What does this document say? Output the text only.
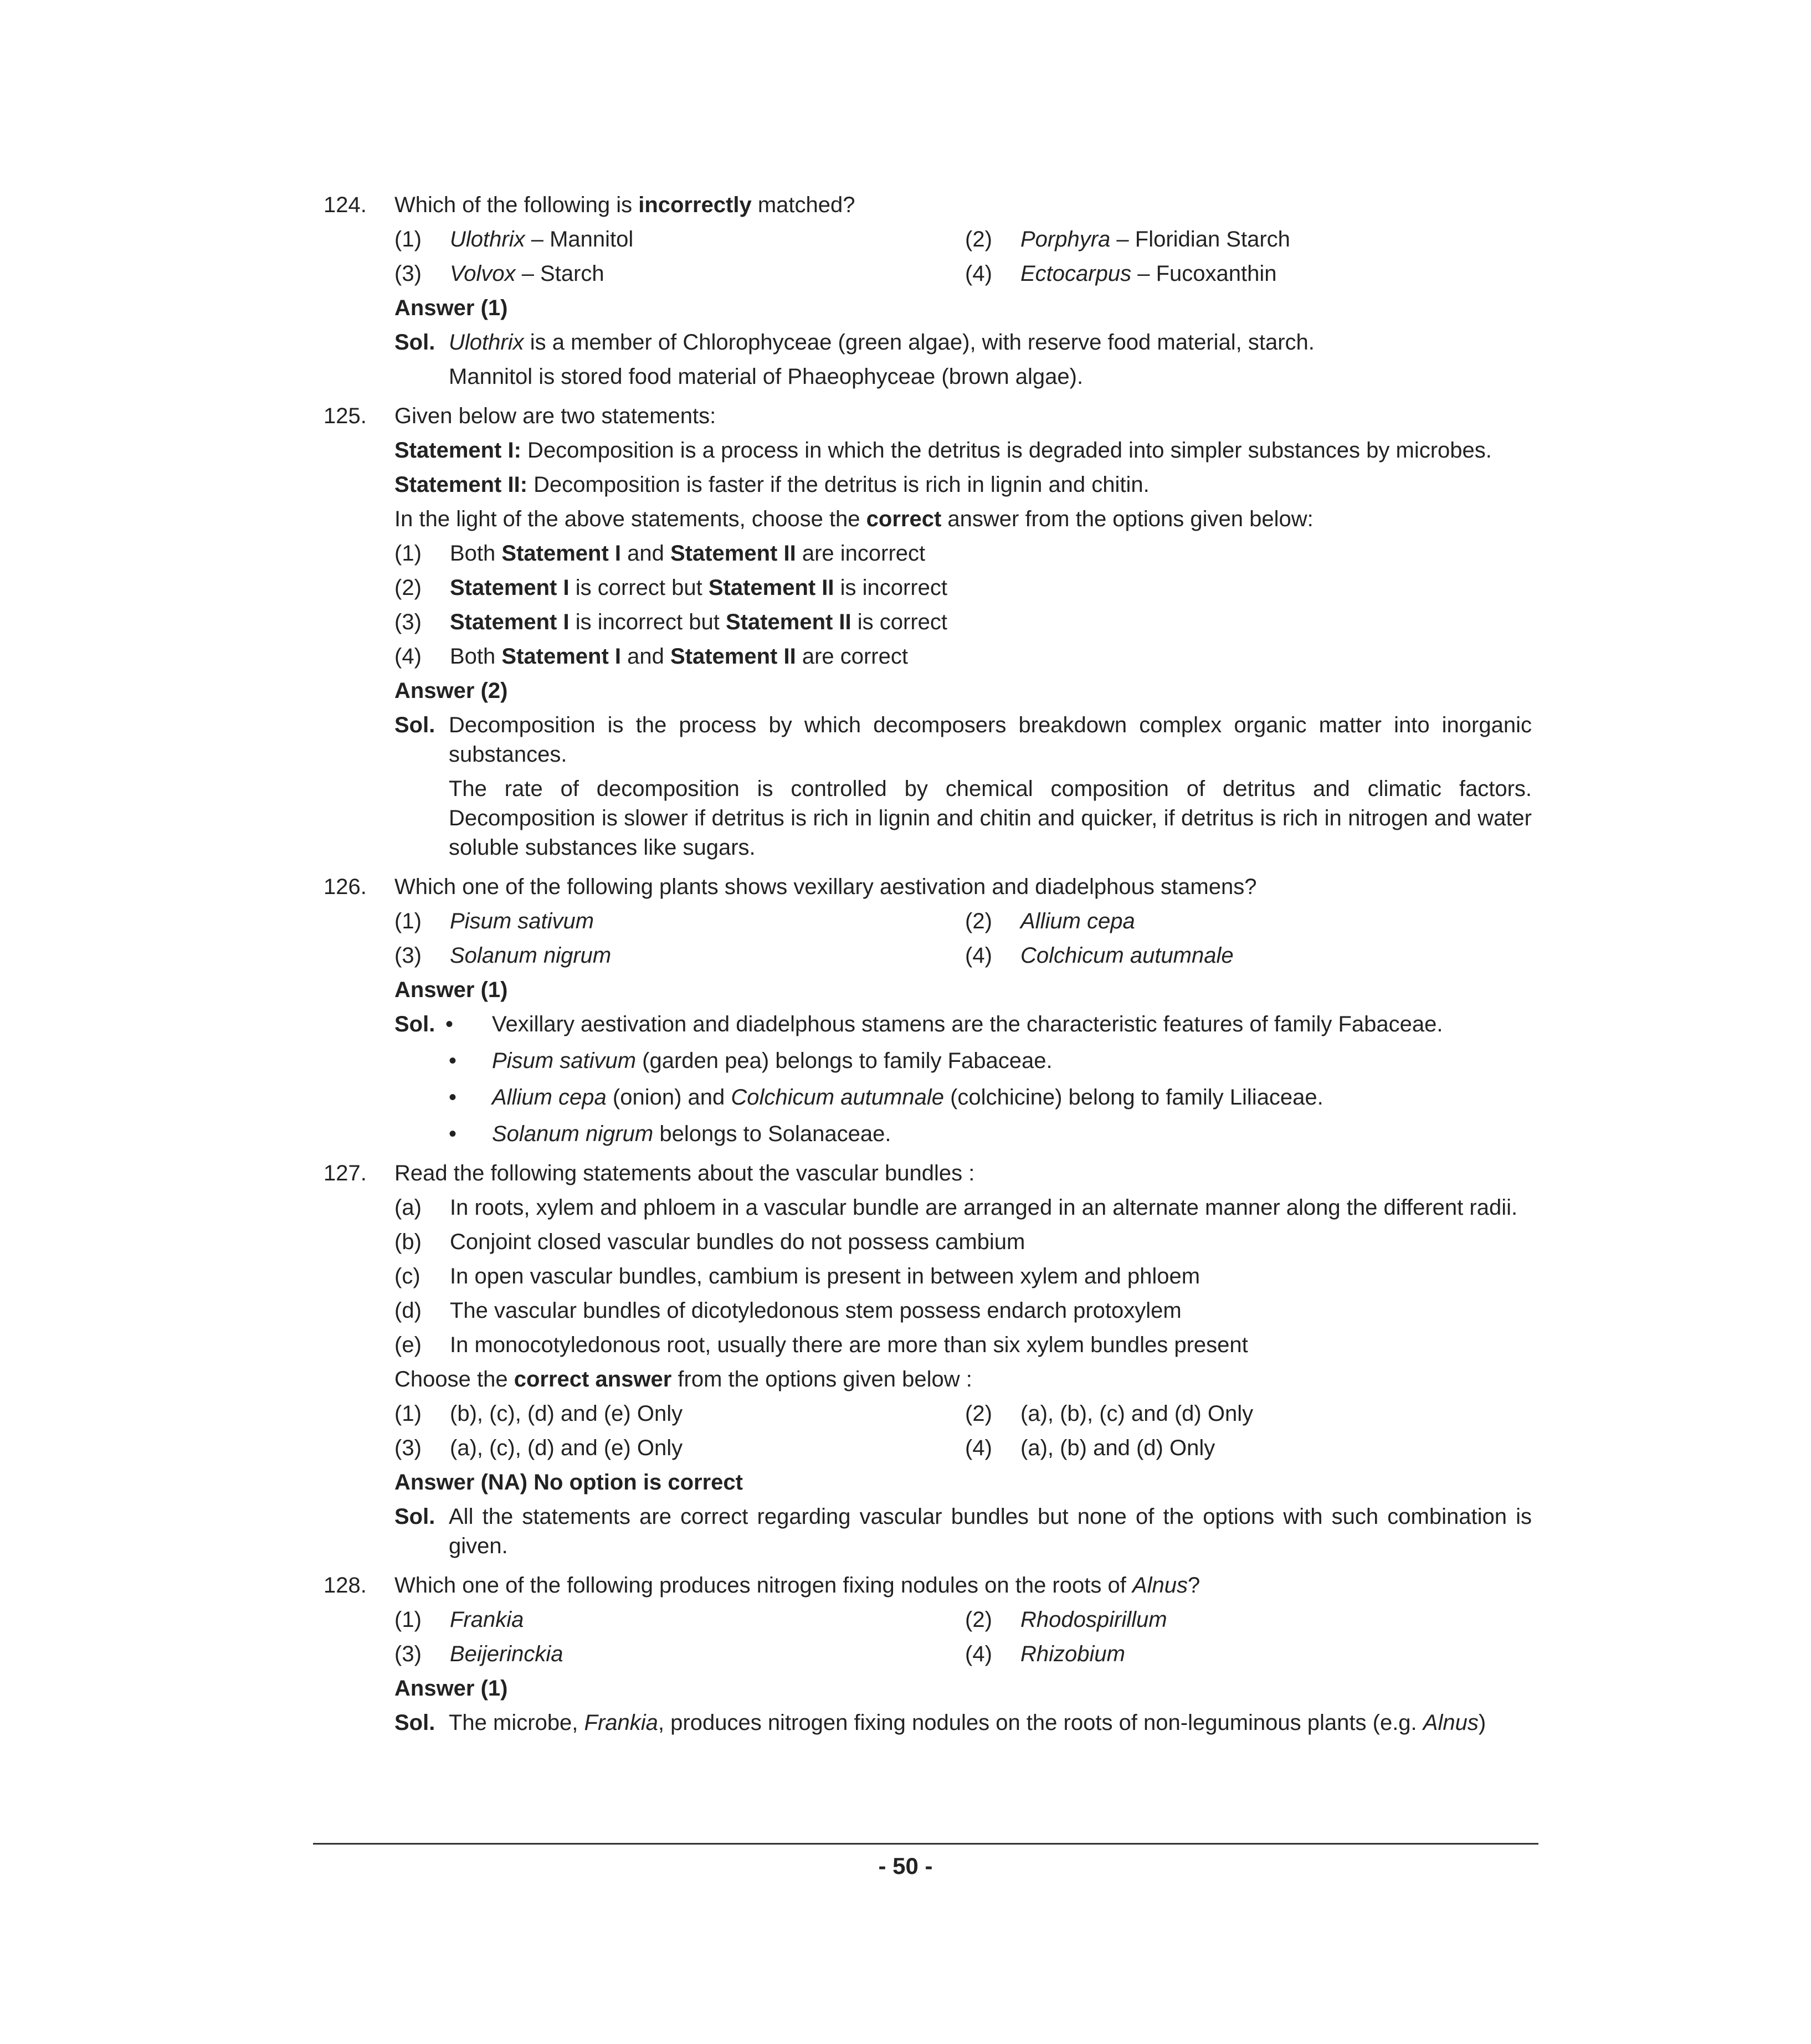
124. Which of the following is incorrectly matched?
(1)	Ulothrix – Mannitol	(2)	Porphyra – Floridian Starch
(3)	Volvox – Starch	(4)	Ectocarpus – Fucoxanthin
Answer (1)
Sol. Ulothrix is a member of Chlorophyceae (green algae), with reserve food material, starch.
Mannitol is stored food material of Phaeophyceae (brown algae).
125. Given below are two statements:
Statement I: Decomposition is a process in which the detritus is degraded into simpler substances by microbes.
Statement II: Decomposition is faster if the detritus is rich in lignin and chitin.
In the light of the above statements, choose the correct answer from the options given below:
(1)	Both Statement I and Statement II are incorrect
(2)	Statement I is correct but Statement II is incorrect
(3)	Statement I is incorrect but Statement II is correct
(4)	Both Statement I and Statement II are correct
Answer (2)
Sol. Decomposition is the process by which decomposers breakdown complex organic matter into inorganic substances.
The rate of decomposition is controlled by chemical composition of detritus and climatic factors. Decomposition is slower if detritus is rich in lignin and chitin and quicker, if detritus is rich in nitrogen and water soluble substances like sugars.
126. Which one of the following plants shows vexillary aestivation and diadelphous stamens?
(1)	Pisum sativum	(2)	Allium cepa
(3)	Solanum nigrum	(4)	Colchicum autumnale
Answer (1)
Sol. • Vexillary aestivation and diadelphous stamens are the characteristic features of family Fabaceae.
• Pisum sativum (garden pea) belongs to family Fabaceae.
• Allium cepa (onion) and Colchicum autumnale (colchicine) belong to family Liliaceae.
• Solanum nigrum belongs to Solanaceae.
127. Read the following statements about the vascular bundles :
(a)	In roots, xylem and phloem in a vascular bundle are arranged in an alternate manner along the different radii.
(b)	Conjoint closed vascular bundles do not possess cambium
(c)	In open vascular bundles, cambium is present in between xylem and phloem
(d)	The vascular bundles of dicotyledonous stem possess endarch protoxylem
(e)	In monocotyledonous root, usually there are more than six xylem bundles present
Choose the correct answer from the options given below :
(1)	(b), (c), (d) and (e) Only	(2)	(a), (b), (c) and (d) Only
(3)	(a), (c), (d) and (e) Only	(4)	(a), (b) and (d) Only
Answer (NA) No option is correct
Sol. All the statements are correct regarding vascular bundles but none of the options with such combination is given.
128. Which one of the following produces nitrogen fixing nodules on the roots of Alnus?
(1)	Frankia	(2)	Rhodospirillum
(3)	Beijerinckia	(4)	Rhizobium
Answer (1)
Sol. The microbe, Frankia, produces nitrogen fixing nodules on the roots of non-leguminous plants (e.g. Alnus)
- 50 -
